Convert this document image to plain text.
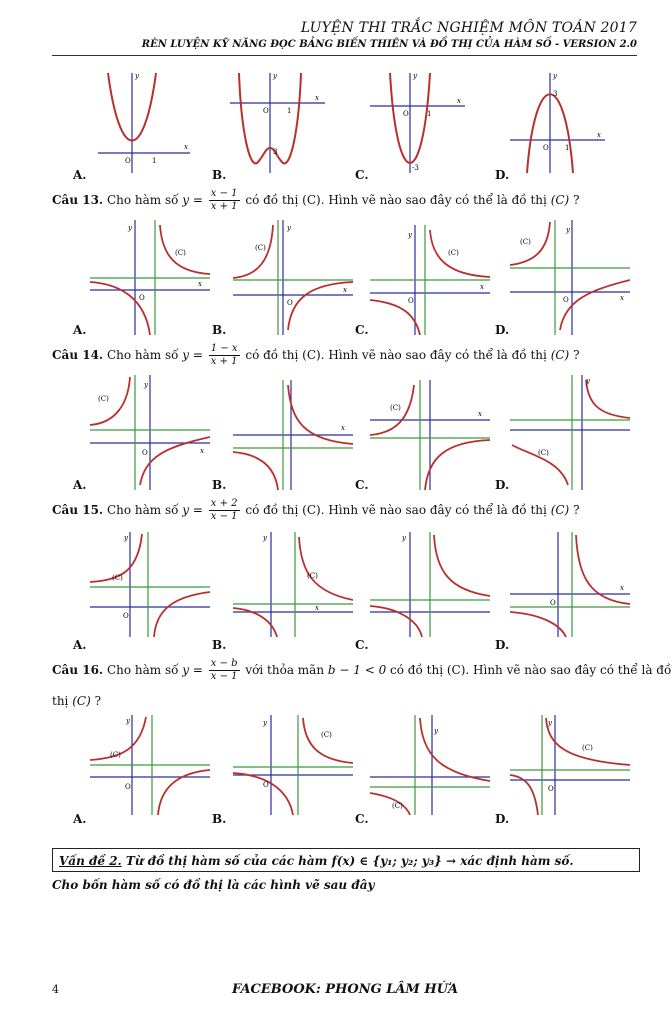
LUYỆN THI TRẮC NGHIỆM MÔN TOÁN 2017
RÈN LUYỆN KỸ NĂNG ĐỌC BẢNG BIẾN THIÊN VÀ ĐỒ THỊ CỦA HÀM SỐ - VERSION 2.0
O	1
x
y
O	1
3
x
y
O	1
-3
x
y
O 1
3
x
y
A.	B.	C.	D.
Câu 13. Cho hàm số $y = \frac{x - 1}{x + 1}$ có đồ thị (C). Hình vẽ nào sao đây có thể là đồ thị (C) ?
(C)
O
x
y
(C)
O
x
y
(C)
O
x
y
(C)
O	x
y
A.	B.	C.	D.
Câu 14. Cho hàm số $y = \frac{1 - x}{x + 1}$ có đồ thị (C). Hình vẽ nào sao đây có thể là đồ thị (C) ?
(C)
O	x
y
x
(C)
x
(C)
y
A.	B.	C.	D.
Câu 15. Cho hàm số $y = \frac{x + 2}{x - 1}$ có đồ thị (C). Hình vẽ nào sao đây có thể là đồ thị (C) ?
(C)
O
y
(C)
y
x
y
O
x
A.	B.	C.	D.
Câu 16. Cho hàm số $y = \frac{x - b}{x - 1}$ với thỏa mãn b − 1 < 0 có đồ thị (C). Hình vẽ nào sao đây có thể là đồ
thị (C) ?
(C)
O
y
(C)
O
y
(C)
y
(C)
O
y
A.	B.	C.	D.
Vấn đề 2. Từ đồ thị hàm số của các hàm f(x) ∈ {y₁; y₂; y₃} → xác định hàm số.
Cho bốn hàm số có đồ thị là các hình vẽ sau đây
4	FACEBOOK: PHONG LÂM HỨA
